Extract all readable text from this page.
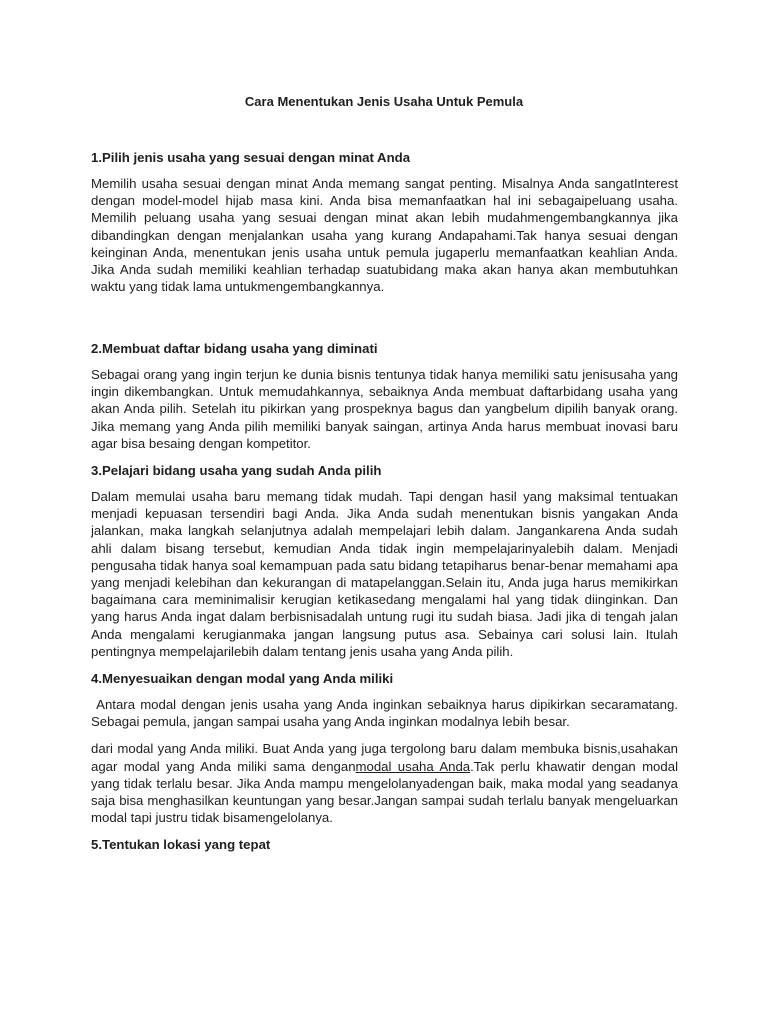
Cara Menentukan Jenis Usaha Untuk Pemula
1.Pilih jenis usaha yang sesuai dengan minat Anda

Memilih usaha sesuai dengan minat Anda memang sangat penting. Misalnya Anda sangatInterest dengan model-model hijab masa kini. Anda bisa memanfaatkan hal ini sebagaipeluang usaha. Memilih peluang usaha yang sesuai dengan minat akan lebih mudahmengembangkannya jika dibandingkan dengan menjalankan usaha yang kurang Andapahami.Tak hanya sesuai dengan keinginan Anda, menentukan jenis usaha untuk pemula jugaperlu memanfaatkan keahlian Anda. Jika Anda sudah memiliki keahlian terhadap suatubidang maka akan hanya akan membutuhkan waktu yang tidak lama untukmengembangkannya.

2.Membuat daftar bidang usaha yang diminati

Sebagai orang yang ingin terjun ke dunia bisnis tentunya tidak hanya memiliki satu jenisusaha yang ingin dikembangkan. Untuk memudahkannya, sebaiknya Anda membuat daftarbidang usaha yang akan Anda pilih. Setelah itu pikirkan yang prospeknya bagus dan yangbelum dipilih banyak orang. Jika memang yang Anda pilih memiliki banyak saingan, artinya Anda harus membuat inovasi baru agar bisa besaing dengan kompetitor.

3.Pelajari bidang usaha yang sudah Anda pilih

Dalam memulai usaha baru memang tidak mudah. Tapi dengan hasil yang maksimal tentuakan menjadi kepuasan tersendiri bagi Anda. Jika Anda sudah menentukan bisnis yangakan Anda jalankan, maka langkah selanjutnya adalah mempelajari lebih dalam. Jangankarena Anda sudah ahli dalam bisang tersebut, kemudian Anda tidak ingin mempelajarinyalebih dalam. Menjadi pengusaha tidak hanya soal kemampuan pada satu bidang tetapiharus benar-benar memahami apa yang menjadi kelebihan dan kekurangan di matapelanggan.Selain itu, Anda juga harus memikirkan bagaimana cara meminimalisir kerugian ketikasedang mengalami hal yang tidak diinginkan. Dan yang harus Anda ingat dalam berbisnisadalah untung rugi itu sudah biasa. Jadi jika di tengah jalan Anda mengalami kerugianmaka jangan langsung putus asa. Sebainya cari solusi lain. Itulah pentingnya mempelajarilebih dalam tentang jenis usaha yang Anda pilih.

4.Menyesuaikan dengan modal yang Anda miliki

Antara modal dengan jenis usaha yang Anda inginkan sebaiknya harus dipikirkan secaramatang. Sebagai pemula, jangan sampai usaha yang Anda inginkan modalnya lebih besar.

dari modal yang Anda miliki. Buat Anda yang juga tergolong baru dalam membuka bisnis,usahakan agar modal yang Anda miliki sama denganmodal usaha Anda.Tak perlu khawatir dengan modal yang tidak terlalu besar. Jika Anda mampu mengelolanyadengan baik, maka modal yang seadanya saja bisa menghasilkan keuntungan yang besar.Jangan sampai sudah terlalu banyak mengeluarkan modal tapi justru tidak bisamengelolanya.

5.Tentukan lokasi yang tepat
